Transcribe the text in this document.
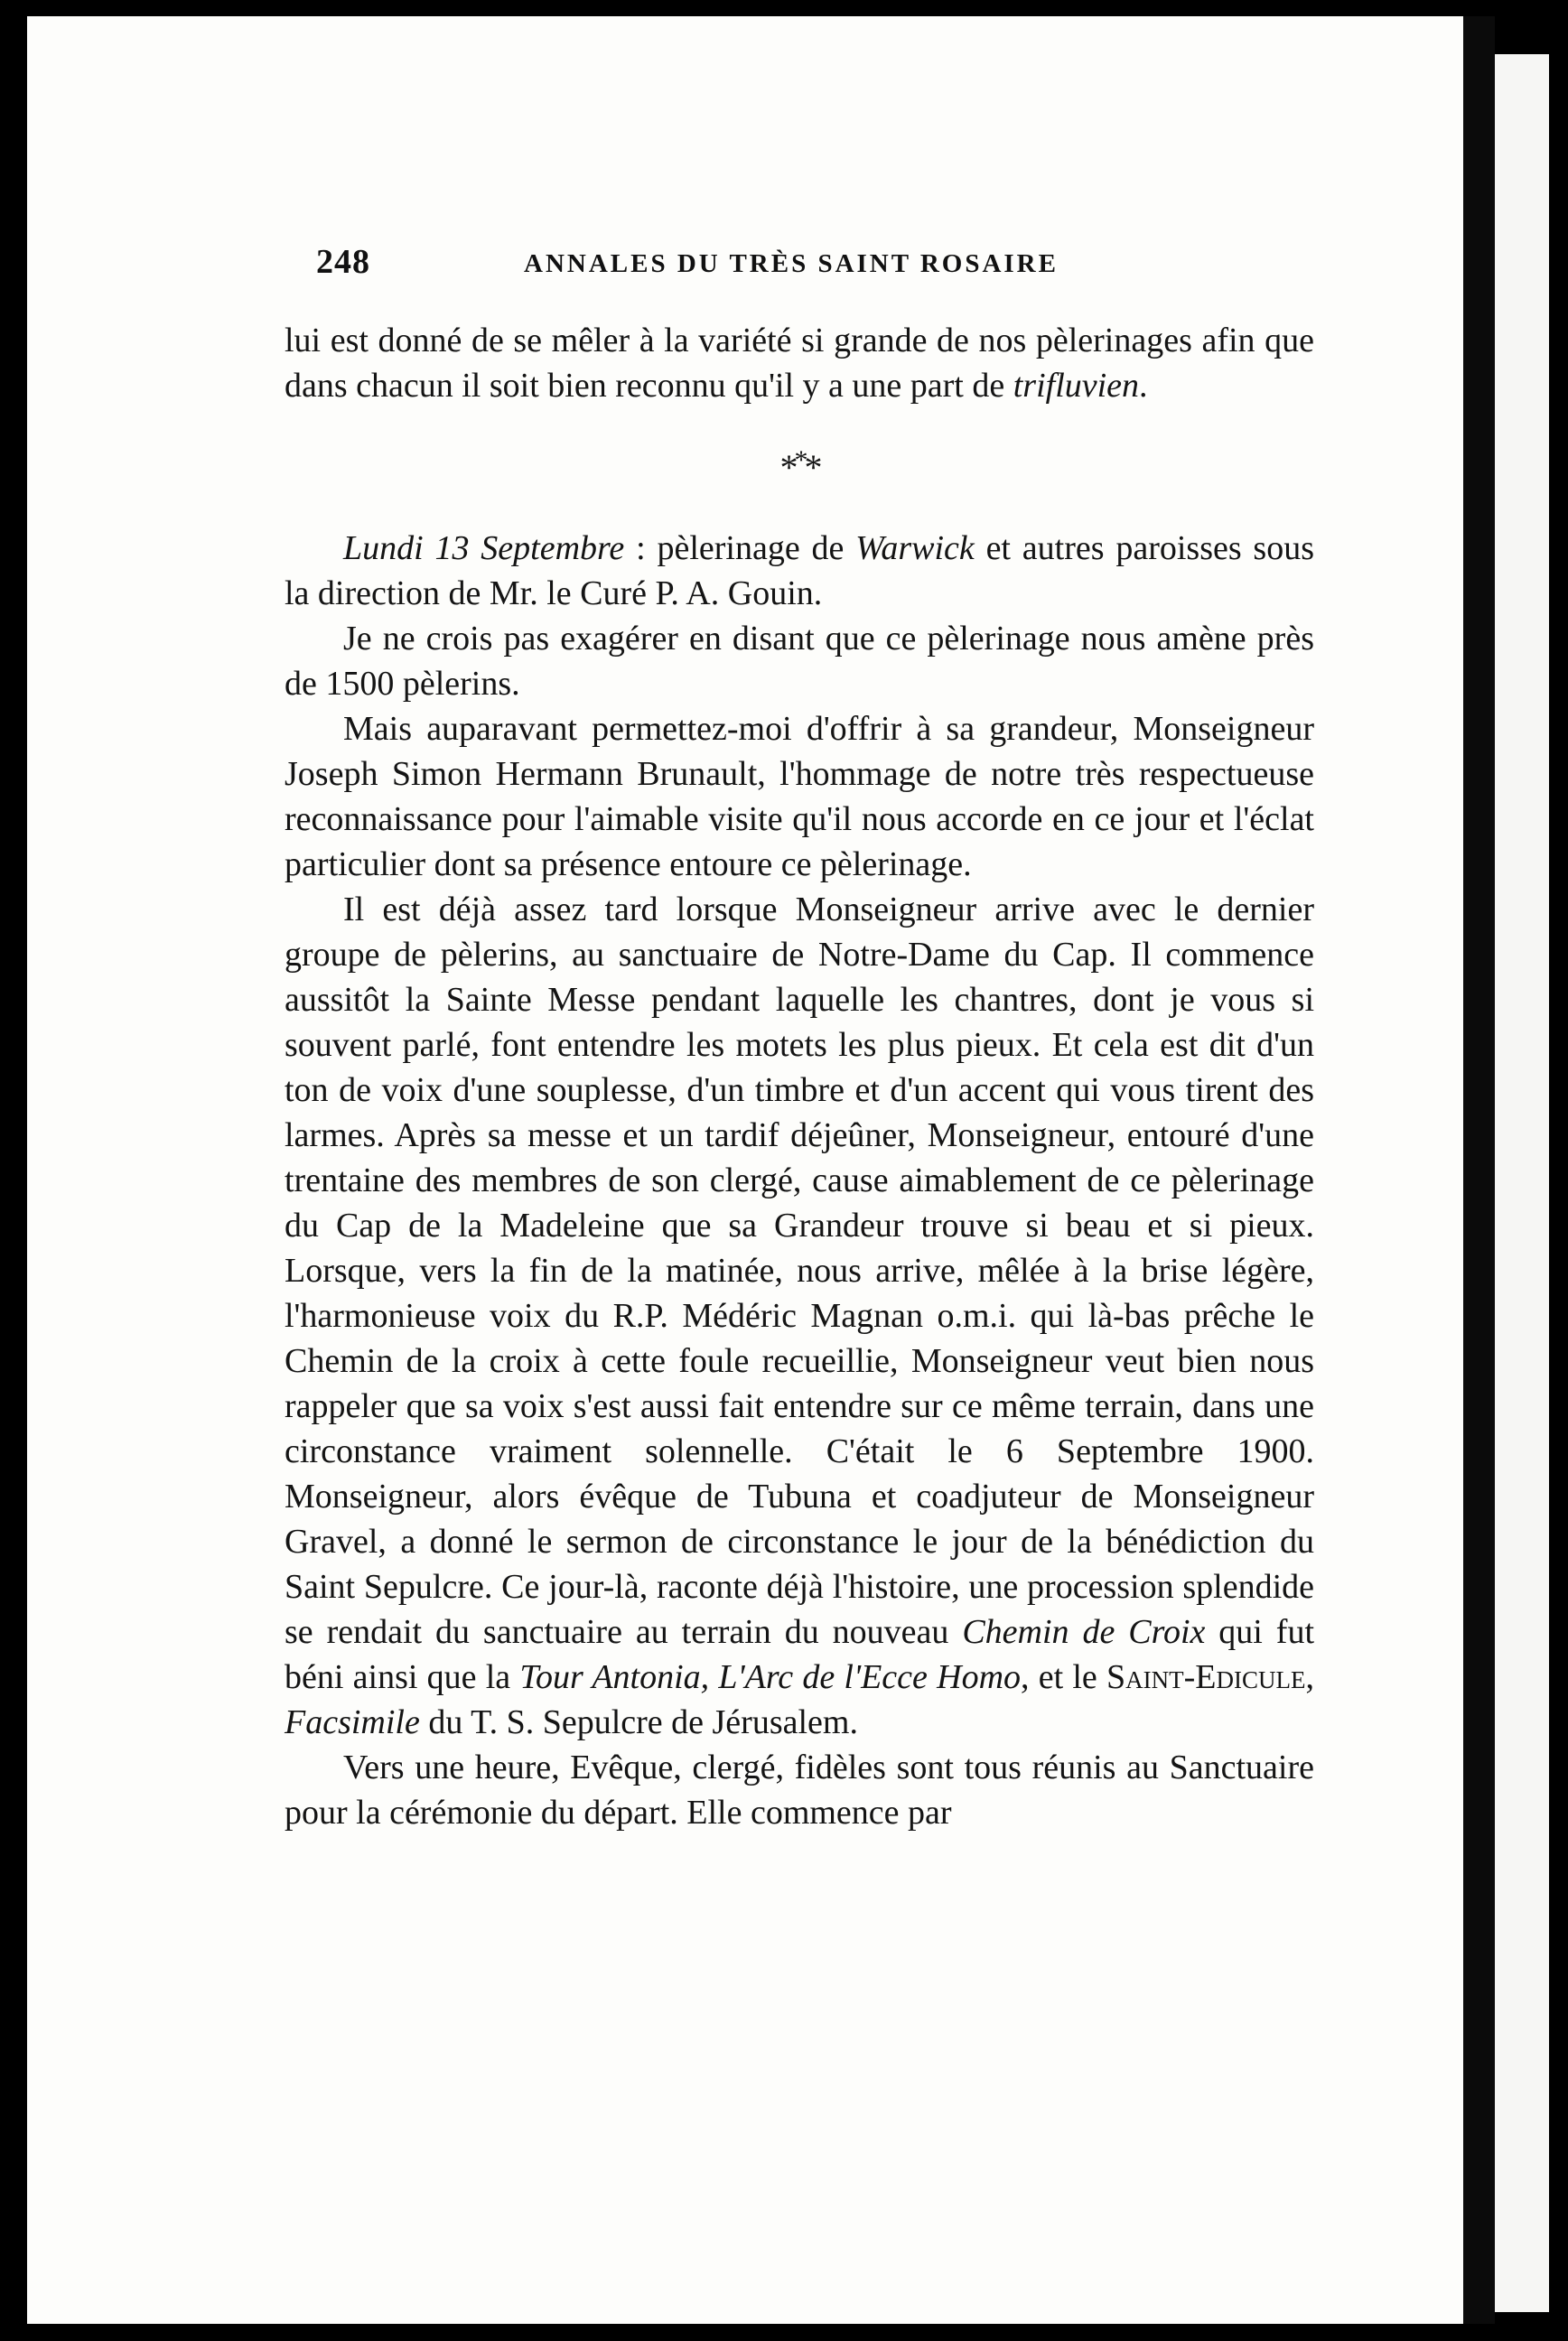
248	ANNALES DU TRÈS SAINT ROSAIRE

lui est donné de se mêler à la variété si grande de nos pèlerinages afin que dans chacun il soit bien reconnu qu'il y a une part de trifluvien.

***

Lundi 13 Septembre : pèlerinage de Warwick et autres paroisses sous la direction de Mr. le Curé P. A. Gouin.

Je ne crois pas exagérer en disant que ce pèlerinage nous amène près de 1500 pèlerins.

Mais auparavant permettez-moi d'offrir à sa grandeur, Monseigneur Joseph Simon Hermann Brunault, l'hommage de notre très respectueuse reconnaissance pour l'aimable visite qu'il nous accorde en ce jour et l'éclat particulier dont sa présence entoure ce pèlerinage.

Il est déjà assez tard lorsque Monseigneur arrive avec le dernier groupe de pèlerins, au sanctuaire de Notre-Dame du Cap. Il commence aussitôt la Sainte Messe pendant laquelle les chantres, dont je vous si souvent parlé, font entendre les motets les plus pieux. Et cela est dit d'un ton de voix d'une souplesse, d'un timbre et d'un accent qui vous tirent des larmes. Après sa messe et un tardif déjeûner, Monseigneur, entouré d'une trentaine des membres de son clergé, cause aimablement de ce pèlerinage du Cap de la Madeleine que sa Grandeur trouve si beau et si pieux. Lorsque, vers la fin de la matinée, nous arrive, mêlée à la brise légère, l'harmonieuse voix du R.P. Médéric Magnan o.m.i. qui là-bas prêche le Chemin de la croix à cette foule recueillie, Monseigneur veut bien nous rappeler que sa voix s'est aussi fait entendre sur ce même terrain, dans une circonstance vraiment solennelle. C'était le 6 Septembre 1900. Monseigneur, alors évêque de Tubuna et coadjuteur de Monseigneur Gravel, a donné le sermon de circonstance le jour de la bénédiction du Saint Sepulcre. Ce jour-là, raconte déjà l'histoire, une procession splendide se rendait du sanctuaire au terrain du nouveau Chemin de Croix qui fut béni ainsi que la Tour Antonia, L'Arc de l'Ecce Homo, et le Saint-Edicule, Facsimile du T. S. Sepulcre de Jérusalem.

Vers une heure, Evêque, clergé, fidèles sont tous réunis au Sanctuaire pour la cérémonie du départ. Elle commence par
